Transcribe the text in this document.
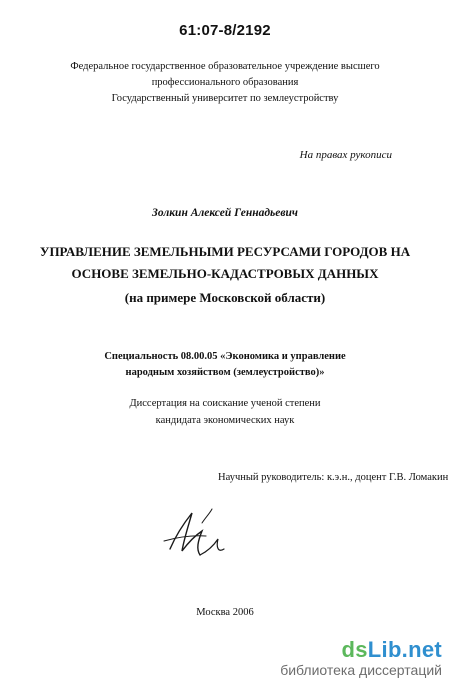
61:07-8/2192
Федеральное государственное образовательное учреждение высшего
профессионального образования
Государственный университет по землеустройству
На правах рукописи
Золкин Алексей Геннадьевич
УПРАВЛЕНИЕ ЗЕМЕЛЬНЫМИ РЕСУРСАМИ ГОРОДОВ НА
ОСНОВЕ ЗЕМЕЛЬНО-КАДАСТРОВЫХ ДАННЫХ
(на примере Московской области)
Специальность 08.00.05 «Экономика и управление
народным хозяйством (землеустройство)»
Диссертация на соискание ученой степени
кандидата экономических наук
Научный руководитель: к.э.н., доцент Г.В. Ломакин
Москва 2006
dsLib.net
библиотека диссертаций
